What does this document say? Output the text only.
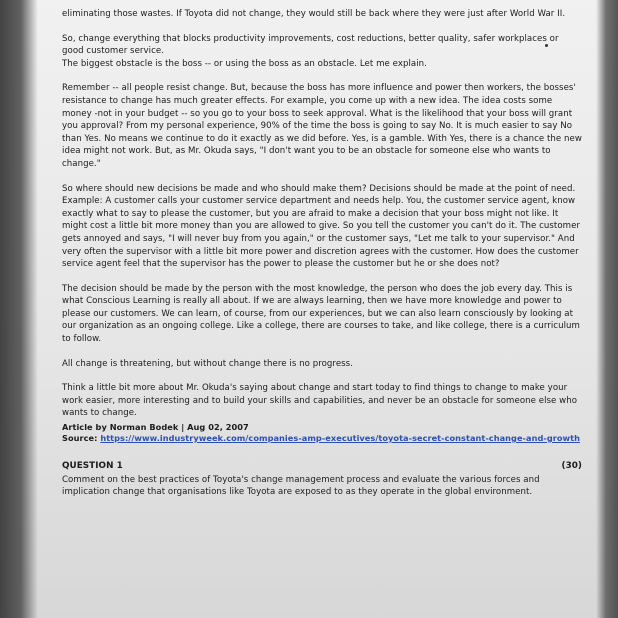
eliminating those wastes. If Toyota did not change, they would still be back where they were just after World War II.

So, change everything that blocks productivity improvements, cost reductions, better quality, safer workplaces or good customer service.

The biggest obstacle is the boss -- or using the boss as an obstacle. Let me explain.

Remember -- all people resist change. But, because the boss has more influence and power then workers, the bosses' resistance to change has much greater effects. For example, you come up with a new idea. The idea costs some money -not in your budget -- so you go to your boss to seek approval. What is the likelihood that your boss will grant you approval? From my personal experience, 90% of the time the boss is going to say No. It is much easier to say No than Yes. No means we continue to do it exactly as we did before. Yes, is a gamble. With Yes, there is a chance the new idea might not work. But, as Mr. Okuda says, "I don't want you to be an obstacle for someone else who wants to change."

So where should new decisions be made and who should make them? Decisions should be made at the point of need. Example: A customer calls your customer service department and needs help. You, the customer service agent, know exactly what to say to please the customer, but you are afraid to make a decision that your boss might not like. It might cost a little bit more money than you are allowed to give. So you tell the customer you can't do it. The customer gets annoyed and says, "I will never buy from you again," or the customer says, "Let me talk to your supervisor." And very often the supervisor with a little bit more power and discretion agrees with the customer. How does the customer service agent feel that the supervisor has the power to please the customer but he or she does not?

The decision should be made by the person with the most knowledge, the person who does the job every day. This is what Conscious Learning is really all about. If we are always learning, then we have more knowledge and power to please our customers. We can learn, of course, from our experiences, but we can also learn consciously by looking at our organization as an ongoing college. Like a college, there are courses to take, and like college, there is a curriculum to follow.

All change is threatening, but without change there is no progress.

Think a little bit more about Mr. Okuda's saying about change and start today to find things to change to make your work easier, more interesting and to build your skills and capabilities, and never be an obstacle for someone else who wants to change.

Article by Norman Bodek | Aug 02, 2007
Source: https://www.industryweek.com/companies-amp-executives/toyota-secret-constant-change-and-growth
QUESTION 1	(30)
Comment on the best practices of Toyota's change management process and evaluate the various forces and implication change that organisations like Toyota are exposed to as they operate in the global environment.
